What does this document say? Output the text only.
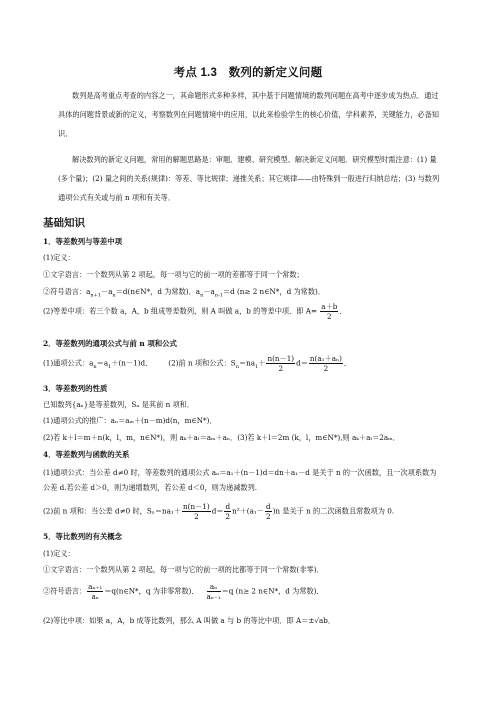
考点 1.3　数列的新定义问题
数列是高考重点考查的内容之一，其命题形式多种多样，其中基于问题情境的数列问题在高考中逐步成为热点．通过具体的问题背景或新的定义，考察数列在问题情境中的应用，以此来检验学生的核心价值，学科素养，关键能力，必备知识．
解决数列的新定义问题，常用的解题思路是：审题、建模、研究模型、解决新定义问题．研究模型时需注意：(1) 量(多个量)；(2) 量之间的关系(规律)：等差、等比规律；递推关系；其它规律——由特殊到一般进行归纳总结；(3) 与数列通项公式有关或与前 n 项和有关等．
基础知识
1．等差数列与等差中项
(1)定义：
①文字语言：一个数列从第 2 项起，每一项与它的前一项的差都等于同一个常数；
②符号语言：$a_{n+1}-a_n=d(n\in N*$，d 为常数)．$a_n-a_{n-1}=d$ (n≥ 2 n∈N*，d 为常数)．
(2)等差中项：若三个数 a，A，b 组成等差数列，则 A 叫做 a，b 的等差中项．即 $A= \frac{a+b}{2}$ ．
2．等差数列的通项公式与前 n 项和公式
(1)通项公式：$a_n=a_1+(n-1)d$． (2)前 n 项和公式：$S_n=na_1+ \frac{n(n-1)}{2} d= \frac{\text{n(a₁＋aₙ)}}{2}$ ．
3．等差数列的性质
已知数列{aₙ}是等差数列，Sₙ 是其前 n 项和．
(1)通项公式的推广：aₙ＝aₘ＋(n－m)d(n，m∈N*)．
(2)若 k＋l＝m＋n(k，l，m，n∈N*)，则 aₖ＋aₗ＝aₘ＋aₙ．(3)若 k＋l＝2m (k，l，m∈N*),则 aₖ＋aₗ＝2aₘ．
4．等差数列与函数的关系
(1)通项公式：当公差 d≠0 时，等差数列的通项公式 aₙ＝a₁＋(n－1)d＝dn＋a₁－d 是关于 n 的一次函数，且一次项系数为公差 d.若公差 d＞0，则为递增数列，若公差 d＜0，则为递减数列.
(2)前 n 项和：当公差 d≠0 时，$S_n=na_1+ \frac{n(n-1)}{2} d= \frac{d}{2} n^2+(a_1- \frac{d}{2} )n$ 是关于 n 的二次函数且常数项为 0.
5．等比数列的有关概念
(1)定义：
①文字语言：一个数列从第 2 项起，每一项与它的前一项的比都等于同一个常数(非零)．
②符号语言： $\frac{\text{aₙ₊₁}}{\text{aₙ}}$ ＝q(n∈N*，q 为非零常数)． $\frac{\text{aₙ}}{\text{aₙ₋₁}} =q$ (n≥ 2 n∈N*，d 为常数)．
(2)等比中项：如果 a，A，b 成等比数列，那么 A 叫做 a 与 b 的等比中项．即 A＝±√ab．
